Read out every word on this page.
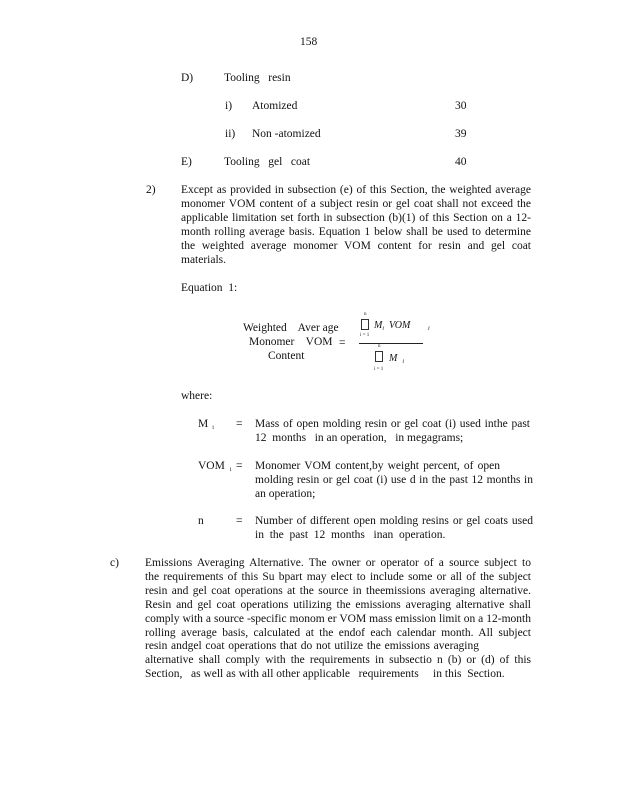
158
D)	Tooling   resin
i) Atomized	30
ii) Non -atomized	39
E)	Tooling   gel   coat	40
2) Except as provided in subsection (e) of this Section, the weighted average
monomer VOM content of a subject resin or gel coat shall not exceed the
applicable limitation set forth in subsection (b)(1) of this Section on a 12-
month rolling average basis. Equation 1 below shall be used to determine
the weighted average monomer VOM content for resin and gel coat
materials.
Equation  1:
Weighted    Aver age
Monomer    VOM
Content
=
n
i = 1
$M_i$ VOM	i
n
i = 1
M $_i$
where:
M $_i$ = Mass of open molding resin or gel coat (i) used inthe past
12  months   in an operation,   in megagrams;
VOM $_i$ = Monomer VOM content,by weight percent, of open
molding resin or gel coat (i) use d in the past 12 months in
an operation;
n	= Number of different open molding resins or gel coats used
in  the  past  12  months   inan  operation.
c) Emissions Averaging Alternative. The owner or operator of a source subject to
the requirements of this Su bpart may elect to include some or all of the subject
resin and gel coat operations at the source in theemissions averaging alternative.
Resin and gel coat operations utilizing the emissions averaging alternative shall
comply with a source -specific monom er VOM mass emission limit on a 12-month
rolling average basis, calculated at the endof each calendar month. All subject
resin andgel coat operations that do not utilize the emissions averaging
alternative shall comply with the requirements in subsectio n (b) or (d) of this
Section,   as well as with all other applicable   requirements     in this  Section.
